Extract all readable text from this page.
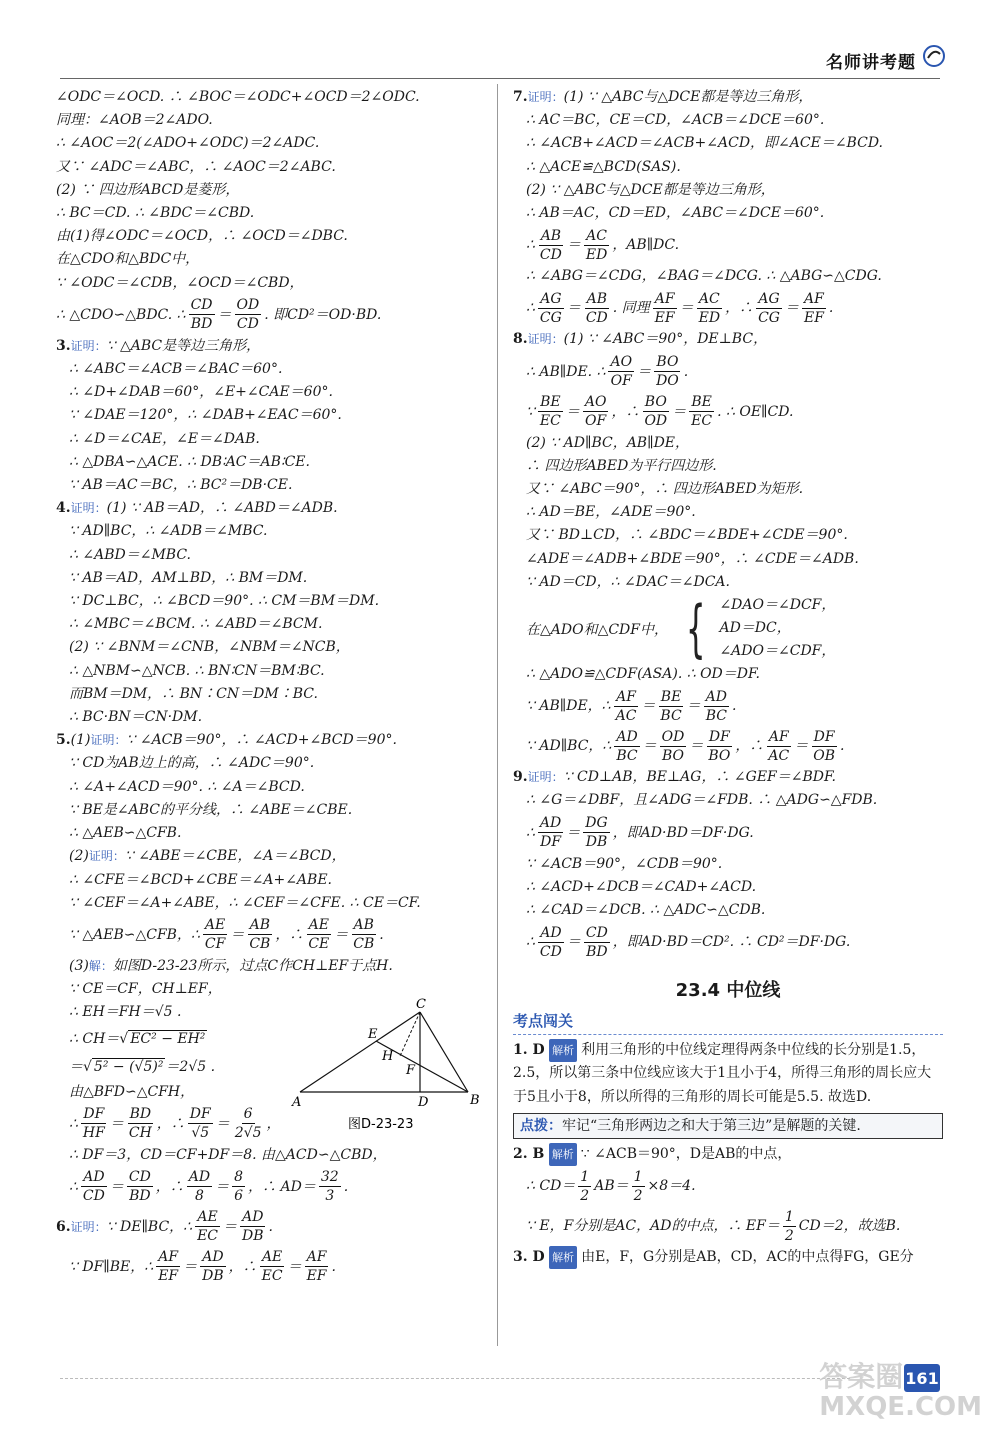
名师讲考题
∠ODC＝∠OCD. ∴ ∠BOC＝∠ODC+∠OCD＝2∠ODC.
同理：∠AOB＝2∠ADO.
∴ ∠AOC＝2(∠ADO+∠ODC)＝2∠ADC.
又∵ ∠ADC＝∠ABC，∴ ∠AOC＝2∠ABC.
(2) ∵ 四边形ABCD是菱形，
∴ BC＝CD. ∴ ∠BDC＝∠CBD.
由(1)得∠ODC＝∠OCD，∴ ∠OCD＝∠DBC.
在△CDO和△BDC中，
∵ ∠ODC＝∠CDB，∠OCD＝∠CBD，
∴ △CDO∽△BDC. ∴ $\frac{CD}{BD} = \frac{OD}{CD}$ . 即CD²＝OD·BD.
3.证明：∵ △ABC是等边三角形，
∴ ∠ABC＝∠ACB＝∠BAC＝60°.
∴ ∠D+∠DAB＝60°，∠E+∠CAE＝60°.
∵ ∠DAE＝120°，∴ ∠DAB+∠EAC＝60°.
∴ ∠D＝∠CAE，∠E＝∠DAB.
∴ △DBA∽△ACE. ∴ DB∶AC＝AB∶CE.
∵ AB＝AC＝BC，∴ BC²＝DB·CE.
4.证明：(1) ∵ AB＝AD，∴ ∠ABD＝∠ADB.
∵ AD∥BC，∴ ∠ADB＝∠MBC.
∴ ∠ABD＝∠MBC.
∵ AB＝AD，AM⊥BD，∴ BM＝DM.
∵ DC⊥BC，∴ ∠BCD＝90°. ∴ CM＝BM＝DM.
∴ ∠MBC＝∠BCM. ∴ ∠ABD＝∠BCM.
(2) ∵ ∠BNM＝∠CNB，∠NBM＝∠NCB，
∴ △NBM∽△NCB. ∴ BN∶CN＝BM∶BC.
而BM＝DM，∴ BN∶CN＝DM∶BC.
∴ BC·BN＝CN·DM.
5.(1)证明：∵ ∠ACB＝90°，∴ ∠ACD+∠BCD＝90°.
∵ CD为AB边上的高，∴ ∠ADC＝90°.
∴ ∠A+∠ACD＝90°. ∴ ∠A＝∠BCD.
∵ BE是∠ABC的平分线，∴ ∠ABE＝∠CBE.
∴ △AEB∽△CFB.
(2)证明：∵ ∠ABE＝∠CBE，∠A＝∠BCD，
∴ ∠CFE＝∠BCD+∠CBE＝∠A+∠ABE.
∵ ∠CEF＝∠A+∠ABE，∴ ∠CEF＝∠CFE. ∴ CE＝CF.
∵ △AEB∽△CFB，∴ $\frac{AE}{CF} = \frac{AB}{CB}$ ，∴ $\frac{AE}{CE} = \frac{AB}{CB}$ .
(3)解：如图D-23-23所示，过点C作CH⊥EF于点H.
∵ CE＝CF，CH⊥EF，
∴ EH＝FH＝√5 .
∴ CH＝√ EC² − EH²
＝√ 5² − (√5)² ＝2√5 .
由△BFD∽△CFH，
∴ $\frac{DF}{HF} = \frac{BD}{CH}$ ，∴ $\frac{DF}{√5} = \frac{6}{2√5}$ ，
∴ DF＝3，CD＝CF+DF＝8. 由△ACD∽△CBD，
∴ $\frac{AD}{CD} = \frac{CD}{BD}$ ，∴ $\frac{AD}{8} = \frac{8}{6}$ ，∴ $AD= \frac{32}{3}$ .
6. 证明： ∵ DE∥BC，∴ $\frac{AE}{EC} = \frac{AD}{DB}$ .
∵ DF∥BE，∴ $\frac{AF}{EF} = \frac{AD}{DB}$ ，∴ $\frac{AE}{EC} = \frac{AF}{EF}$ .
A	B
C
D
E
F
H
图D-23-23
7.证明：(1) ∵ △ABC与△DCE都是等边三角形，
∴ AC＝BC，CE＝CD，∠ACB＝∠DCE＝60°.
∴ ∠ACB+∠ACD＝∠ACB+∠ACD，即∠ACE＝∠BCD.
∴ △ACE≌△BCD(SAS).
(2) ∵ △ABC与△DCE都是等边三角形，
∴ AB＝AC，CD＝ED，∠ABC＝∠DCE＝60°.
∴ $\frac{AB}{CD} = \frac{AC}{ED}$ ，AB∥DC.
∴ ∠ABG＝∠CDG，∠BAG＝∠DCG. ∴ △ABG∽△CDG.
∴ $\frac{AG}{CG} = \frac{AB}{CD}$ . 同理 $\frac{AF}{EF} = \frac{AC}{ED}$ ，∴ $\frac{AG}{CG} = \frac{AF}{EF}$ .
8.证明：(1) ∵ ∠ABC＝90°，DE⊥BC，
∴ AB∥DE. ∴ $\frac{AO}{OF} = \frac{BO}{DO}$ .
∵ $\frac{BE}{EC} = \frac{AO}{OF}$ ，∴ $\frac{BO}{OD} = \frac{BE}{EC}$ . ∴ OE∥CD.
(2) ∵ AD∥BC，AB∥DE，
∴ 四边形ABED为平行四边形.
又∵ ∠ABC＝90°，∴ 四边形ABED为矩形.
∴ AD＝BE，∠ADE＝90°.
又∵ BD⊥CD，∴ ∠BDC＝∠BDE+∠CDE＝90°.
∠ADE＝∠ADB+∠BDE＝90°，∴ ∠CDE＝∠ADB.
∵ AD＝CD，∴ ∠DAC＝∠DCA.
在△ADO和△CDF中， { ∠DAO＝∠DCF，
AD＝DC，
∠ADO＝∠CDF，
∴ △ADO≌△CDF(ASA). ∴ OD＝DF.
∵ AB∥DE，∴ $\frac{AF}{AC} = \frac{BE}{BC} = \frac{AD}{BC}$ .
∵ AD∥BC，∴ $\frac{AD}{BC} = \frac{OD}{BO} = \frac{DF}{BO}$ ，∴ $\frac{AF}{AC} = \frac{DF}{OB}$ .
9.证明：∵ CD⊥AB，BE⊥AG，∴ ∠GEF＝∠BDF.
∴ ∠G＝∠DBF，且∠ADG＝∠FDB. ∴ △ADG∽△FDB.
∴ $\frac{AD}{DF} = \frac{DG}{DB}$ ，即AD·BD＝DF·DG.
∵ ∠ACB＝90°，∠CDB＝90°.
∴ ∠ACD+∠DCB＝∠CAD+∠ACD.
∴ ∠CAD＝∠DCB. ∴ △ADC∽△CDB.
∴ $\frac{AD}{CD} = \frac{CD}{BD}$ ，即AD·BD＝CD². ∴ CD²＝DF·DG.
23.4 中位线
考点闯关
1. D 解析 利用三角形的中位线定理得两条中位线的长分别是1.5，2.5，所以第三条中位线应该大于1且小于4，所得三角形的周长应大于5且小于8，所以所得的三角形的周长可能是5.5. 故选D.
点拨：牢记“三角形两边之和大于第三边”是解题的关键.
2. B 解析 ∵ ∠ACB＝90°，D是AB的中点，
∴ $CD= \frac{1}{2} AB= \frac{1}{2} \times 8=4$.
∵ E，F分别是AC，AD的中点，∴ $EF= \frac{1}{2} CD=2$，故选B.
3. D 解析 由E，F，G分别是AB，CD，AC的中点得FG，GE分
161
答案圈
MXQE.COM
